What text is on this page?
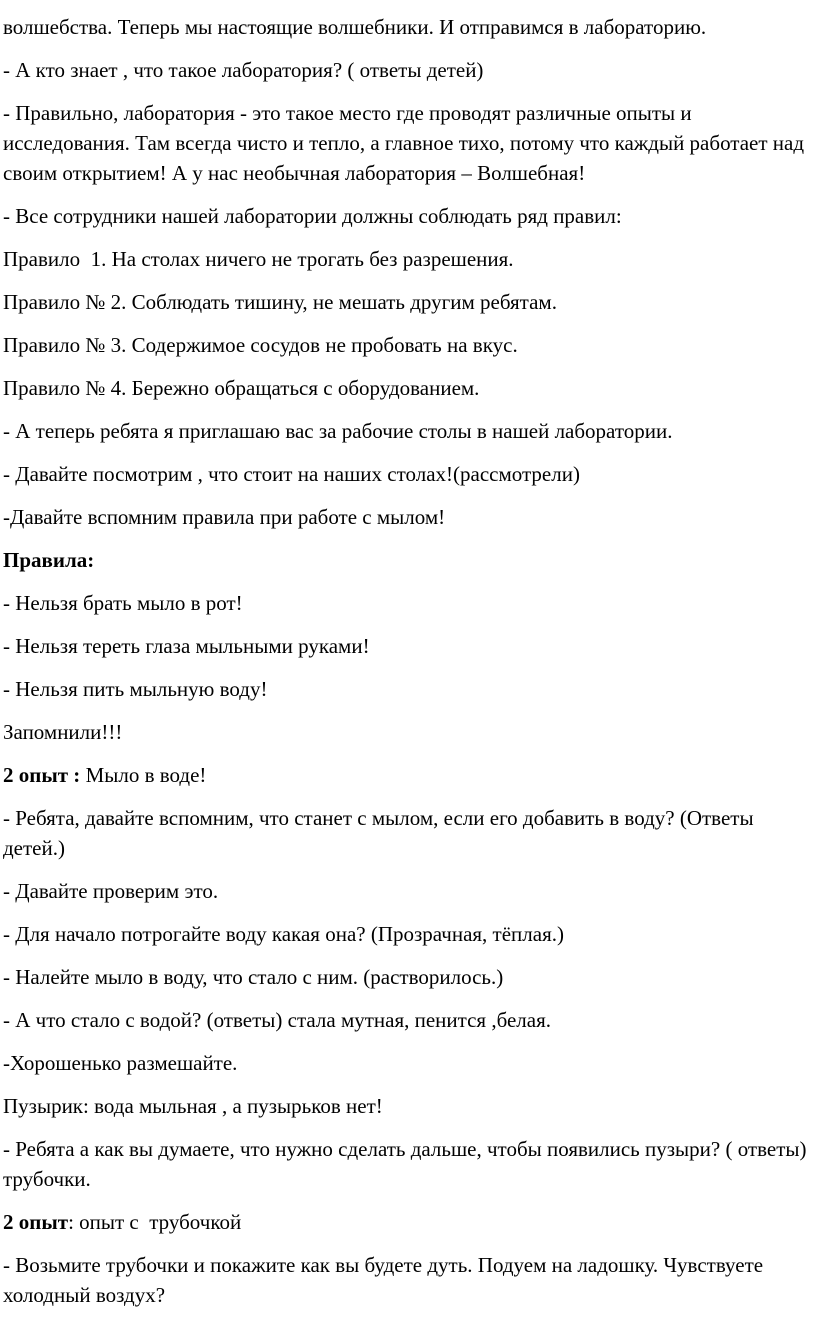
волшебства. Теперь мы настоящие волшебники. И отправимся в лабораторию.

- А кто знает , что такое лаборатория? ( ответы детей)

- Правильно, лаборатория - это такое место где проводят различные опыты и исследования. Там всегда чисто и тепло, а главное тихо, потому что каждый работает над своим открытием! А у нас необычная лаборатория – Волшебная!

- Все сотрудники нашей лаборатории должны соблюдать ряд правил:

Правило  1. На столах ничего не трогать без разрешения.

Правило № 2. Соблюдать тишину, не мешать другим ребятам.

Правило № 3. Содержимое сосудов не пробовать на вкус.

Правило № 4. Бережно обращаться с оборудованием.

- А теперь ребята я приглашаю вас за рабочие столы в нашей лаборатории.

- Давайте посмотрим , что стоит на наших столах!(рассмотрели)

-Давайте вспомним правила при работе с мылом!

Правила:

- Нельзя брать мыло в рот!

- Нельзя тереть глаза мыльными руками!

- Нельзя пить мыльную воду!

Запомнили!!!

2 опыт : Мыло в воде!

- Ребята, давайте вспомним, что станет с мылом, если его добавить в воду? (Ответы детей.)

- Давайте проверим это.

- Для начало потрогайте воду какая она? (Прозрачная, тёплая.)

- Налейте мыло в воду, что стало с ним. (растворилось.)

- А что стало с водой? (ответы) стала мутная, пенится ,белая.

-Хорошенько размешайте.

Пузырик: вода мыльная , а пузырьков нет!

- Ребята а как вы думаете, что нужно сделать дальше, чтобы появились пузыри? ( ответы) трубочки.

2 опыт: опыт с  трубочкой

- Возьмите трубочки и покажите как вы будете дуть. Подуем на ладошку. Чувствуете холодный воздух?
